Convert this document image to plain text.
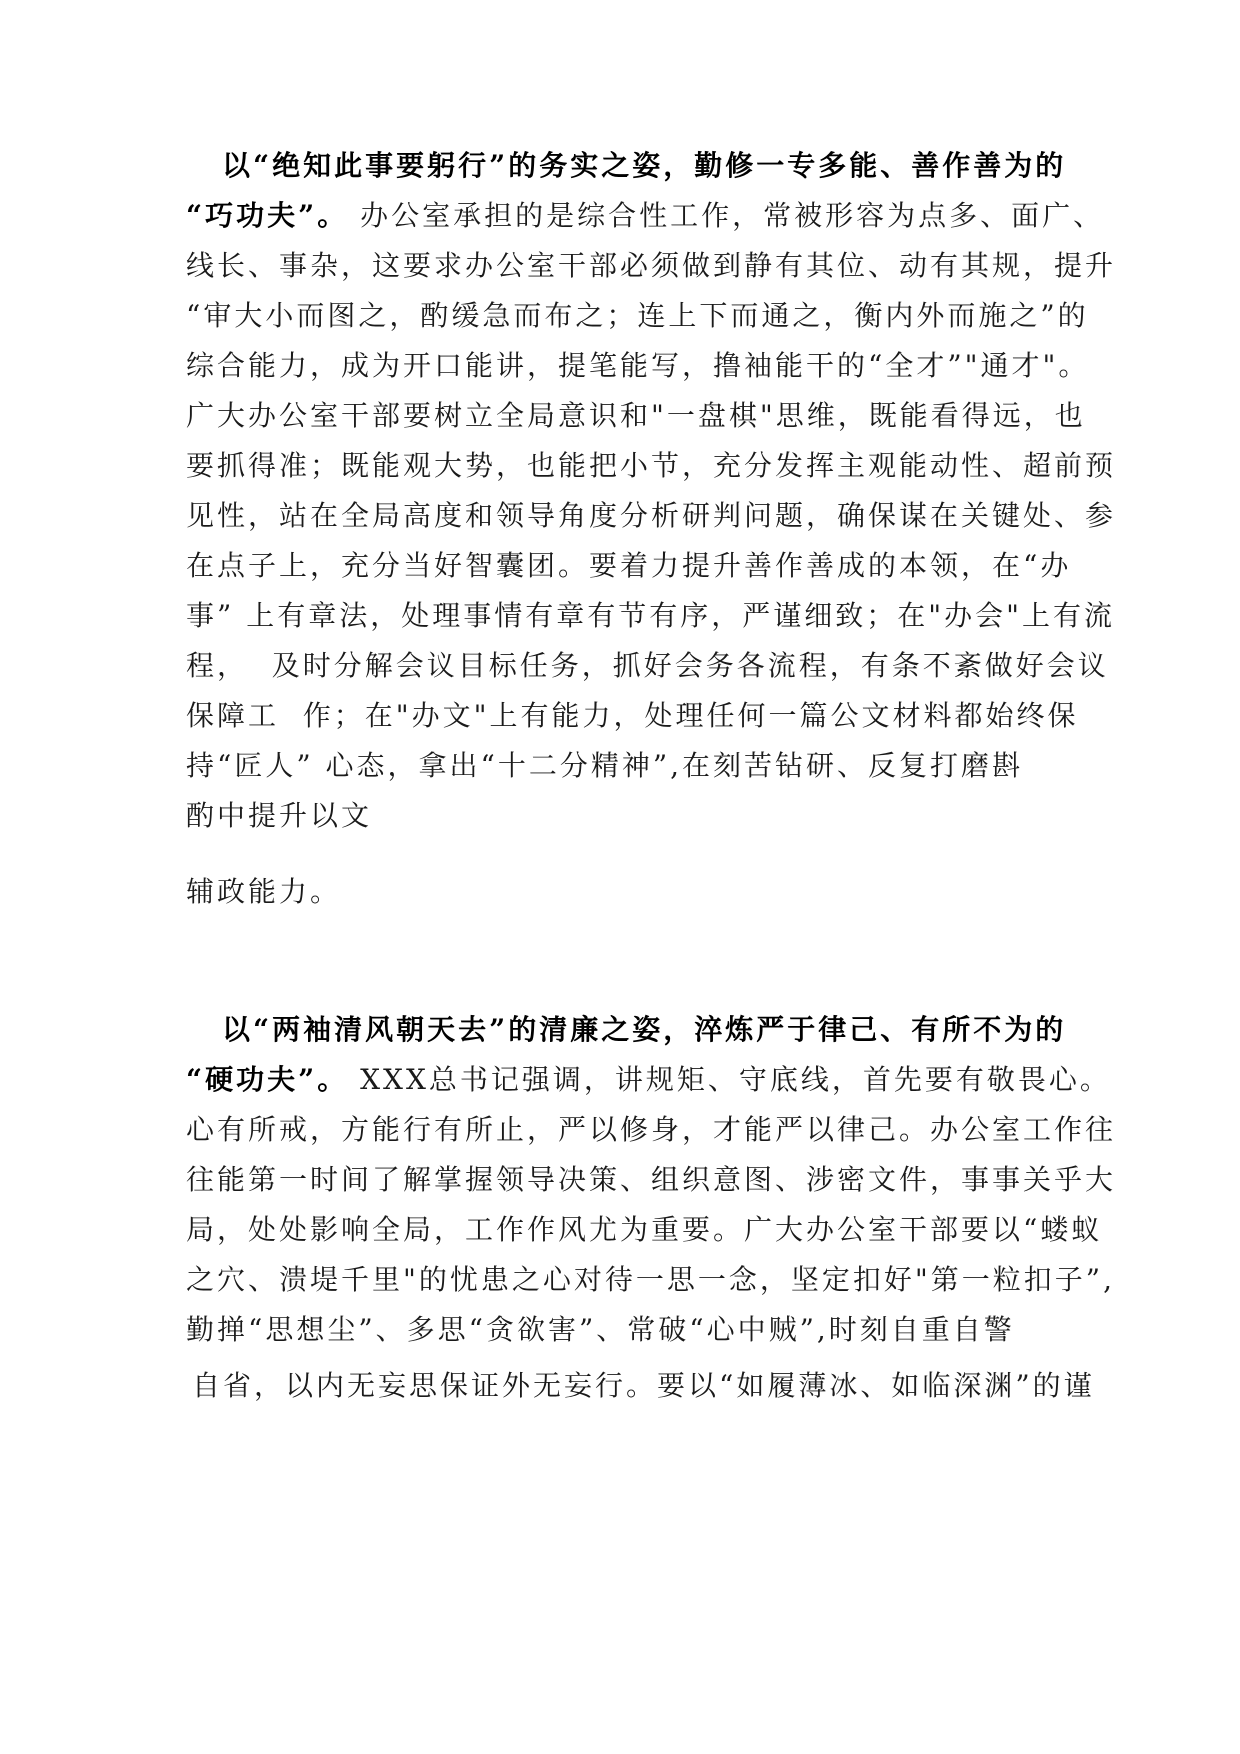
以“绝知此事要躬行”的务实之姿，勤修一专多能、善作善为的
“巧功夫”。 办公室承担的是综合性工作，常被形容为点多、面广、
线长、事杂，这要求办公室干部必须做到静有其位、动有其规，提升
“审大小而图之，酌缓急而布之；连上下而通之，衡内外而施之”的
综合能力，成为开口能讲，提笔能写，撸袖能干的“全才”"通才"。
广大办公室干部要树立全局意识和"一盘棋"思维，既能看得远，也
要抓得准；既能观大势，也能把小节，充分发挥主观能动性、超前预
见性，站在全局高度和领导角度分析研判问题，确保谋在关键处、参
在点子上，充分当好智囊团。要着力提升善作善成的本领，在“办
事” 上有章法，处理事情有章有节有序，严谨细致；在"办会"上有流
程，  及时分解会议目标任务，抓好会务各流程，有条不紊做好会议
保障工  作；在"办文"上有能力，处理任何一篇公文材料都始终保
持“匠人” 心态，拿出“十二分精神”,在刻苦钻研、反复打磨斟
酌中提升以文
辅政能力。
以“两袖清风朝天去”的清廉之姿，淬炼严于律己、有所不为的
“硬功夫”。 XXX总书记强调，讲规矩、守底线，首先要有敬畏心。
心有所戒，方能行有所止，严以修身，才能严以律己。办公室工作往
往能第一时间了解掌握领导决策、组织意图、涉密文件，事事关乎大
局，处处影响全局，工作作风尤为重要。广大办公室干部要以“蝼蚁
之穴、溃堤千里"的忧患之心对待一思一念，坚定扣好"第一粒扣子”,
勤掸“思想尘”、多思“贪欲害”、常破“心中贼”,时刻自重自警
自省，以内无妄思保证外无妄行。要以“如履薄冰、如临深渊”的谨
